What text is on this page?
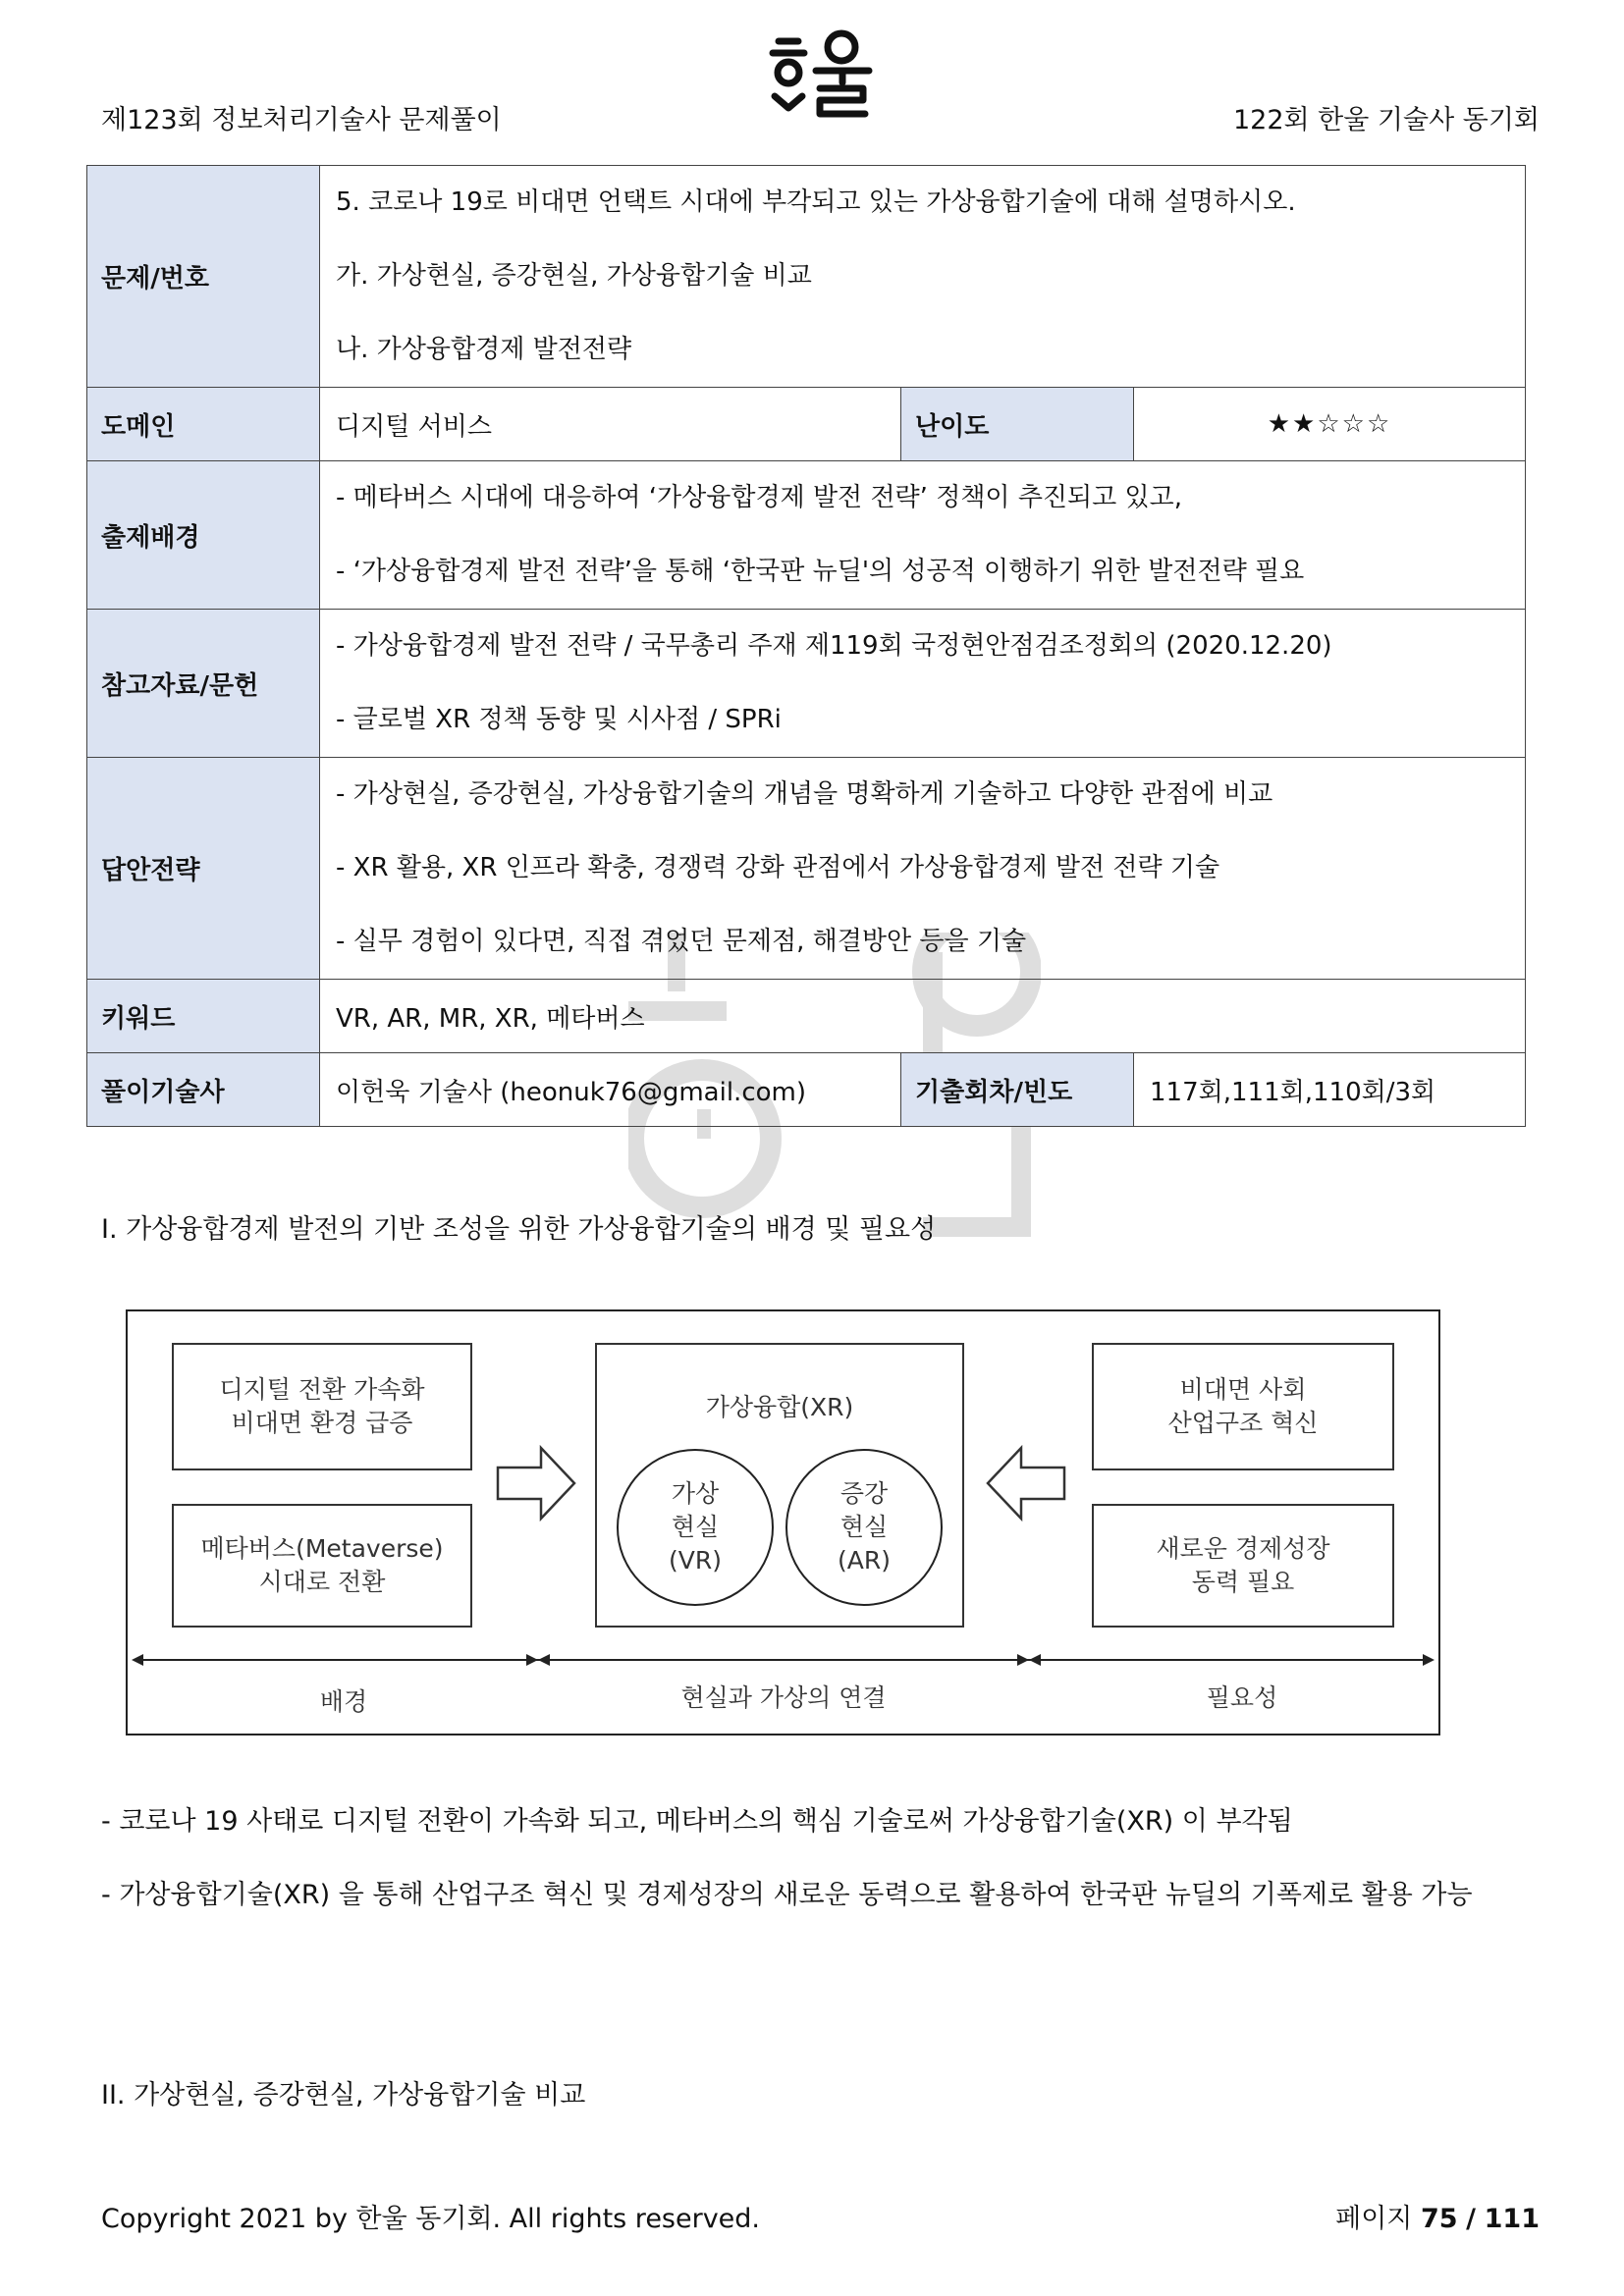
제123회 정보처리기술사 문제풀이	122회 한울 기술사 동기회
문제/번호	5. 코로나 19로 비대면 언택트 시대에 부각되고 있는 가상융합기술에 대해 설명하시오.

가. 가상현실, 증강현실, 가상융합기술 비교

나. 가상융합경제 발전전략		

도메인	디지털 서비스	난이도	★★☆☆☆
출제배경	- 메타버스 시대에 대응하여 ‘가상융합경제 발전 전략’ 정책이 추진되고 있고,

- ‘가상융합경제 발전 전략’을 통해 ‘한국판 뉴딜'의 성공적 이행하기 위한 발전전략 필요		

참고자료/문헌	- 가상융합경제 발전 전략 / 국무총리 주재 제119회 국정현안점검조정회의 (2020.12.20)

- 글로벌 XR 정책 동향 및 시사점 / SPRi		

답안전략	- 가상현실, 증강현실, 가상융합기술의 개념을 명확하게 기술하고 다양한 관점에 비교

- XR 활용, XR 인프라 확충, 경쟁력 강화 관점에서 가상융합경제 발전 전략 기술

- 실무 경험이 있다면, 직접 겪었던 문제점, 해결방안 등을 기술		

키워드	VR, AR, MR, XR, 메타버스		
풀이기술사	이헌욱 기술사 (heonuk76@gmail.com)	기출회차/빈도	117회,111회,110회/3회
I. 가상융합경제 발전의 기반 조성을 위한 가상융합기술의 배경 및 필요성
디지털 전환 가속화
비대면 환경 급증
메타버스(Metaverse)
시대로 전환
가상융합(XR)
가상
현실
(VR)
증강
현실
(AR)
비대면 사회
산업구조 혁신
새로운 경제성장
동력 필요
배경	현실과 가상의 연결	필요성
- 코로나 19 사태로 디지털 전환이 가속화 되고, 메타버스의 핵심 기술로써 가상융합기술(XR) 이 부각됨
- 가상융합기술(XR) 을 통해 산업구조 혁신 및 경제성장의 새로운 동력으로 활용하여 한국판 뉴딜의 기폭제로 활용 가능
II. 가상현실, 증강현실, 가상융합기술 비교
Copyright 2021 by 한울 동기회. All rights reserved.	페이지 75 / 111
